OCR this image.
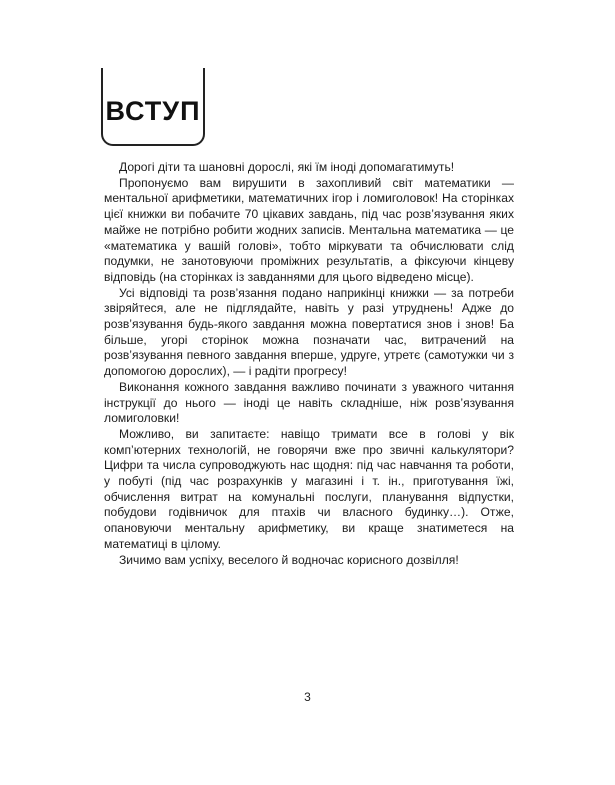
ВСТУП

Дорогі діти та шановні дорослі, які їм іноді допомагатимуть!

Пропонуємо вам вирушити в захопливий світ математики — ментальної арифметики, математичних ігор і ломиголовок! На сторінках цієї книжки ви побачите 70 цікавих завдань, під час розв’язування яких майже не потрібно робити жодних записів. Ментальна математика — це «математика у вашій голові», тобто міркувати та обчислювати слід подумки, не занотовуючи проміжних результатів, а фіксуючи кінцеву відповідь (на сторінках із завданнями для цього відведено місце).

Усі відповіді та розв’язання подано наприкінці книжки — за потреби звіряйтеся, але не підглядайте, навіть у разі утруднень! Адже до розв’язування будь-якого завдання можна повертатися знов і знов! Ба більше, угорі сторінок можна позначати час, витрачений на розв’язування певного завдання вперше, удруге, утретє (самотужки чи з допомогою дорослих), — і радіти прогресу!

Виконання кожного завдання важливо починати з уважного читання інструкції до нього — іноді це навіть складніше, ніж розв’язування ломиголовки!

Можливо, ви запитаєте: навіщо тримати все в голові у вік комп’ютерних технологій, не говорячи вже про звичні калькулятори? Цифри та числа супроводжують нас щодня: під час навчання та роботи, у побуті (під час розрахунків у магазині і т. ін., приготування їжі, обчислення витрат на комунальні послуги, планування відпустки, побудови годівничок для птахів чи власного будинку…). Отже, опановуючи ментальну арифметику, ви краще знатиметеся на математиці в цілому.

Зичимо вам успіху, веселого й водночас корисного дозвілля!

3
